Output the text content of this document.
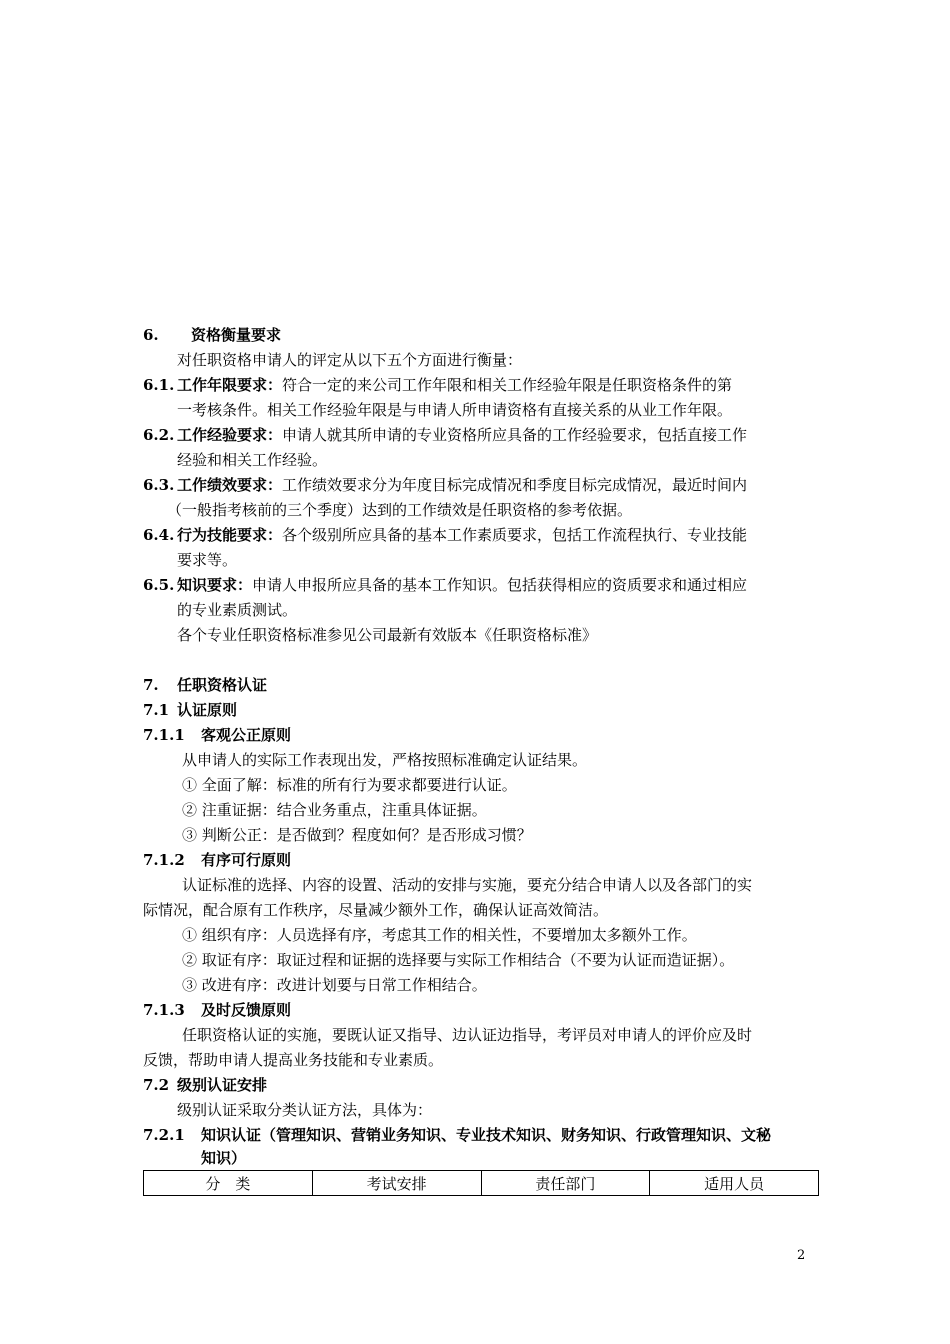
6. 资格衡量要求
对任职资格申请人的评定从以下五个方面进行衡量：
6.1. 工作年限要求：符合一定的来公司工作年限和相关工作经验年限是任职资格条件的第
一考核条件。相关工作经验年限是与申请人所申请资格有直接关系的从业工作年限。
6.2. 工作经验要求：申请人就其所申请的专业资格所应具备的工作经验要求，包括直接工作
经验和相关工作经验。
6.3. 工作绩效要求：工作绩效要求分为年度目标完成情况和季度目标完成情况，最近时间内
（一般指考核前的三个季度）达到的工作绩效是任职资格的参考依据。
6.4. 行为技能要求：各个级别所应具备的基本工作素质要求，包括工作流程执行、专业技能
要求等。
6.5. 知识要求：申请人申报所应具备的基本工作知识。包括获得相应的资质要求和通过相应
的专业素质测试。
各个专业任职资格标准参见公司最新有效版本《任职资格标准》
7. 任职资格认证
7.1 认证原则
7.1.1 客观公正原则
从申请人的实际工作表现出发，严格按照标准确定认证结果。
① 全面了解：标准的所有行为要求都要进行认证。
② 注重证据：结合业务重点，注重具体证据。
③ 判断公正：是否做到？程度如何？是否形成习惯？
7.1.2 有序可行原则
认证标准的选择、内容的设置、活动的安排与实施，要充分结合申请人以及各部门的实
际情况，配合原有工作秩序，尽量减少额外工作，确保认证高效简洁。
① 组织有序：人员选择有序，考虑其工作的相关性，不要增加太多额外工作。
② 取证有序：取证过程和证据的选择要与实际工作相结合（不要为认证而造证据）。
③ 改进有序：改进计划要与日常工作相结合。
7.1.3 及时反馈原则
任职资格认证的实施，要既认证又指导、边认证边指导，考评员对申请人的评价应及时
反馈，帮助申请人提高业务技能和专业素质。
7.2 级别认证安排
级别认证采取分类认证方法，具体为：
7.2.1 知识认证（管理知识、营销业务知识、专业技术知识、财务知识、行政管理知识、文秘
知识）
分　类	考试安排	责任部门	适用人员
2
